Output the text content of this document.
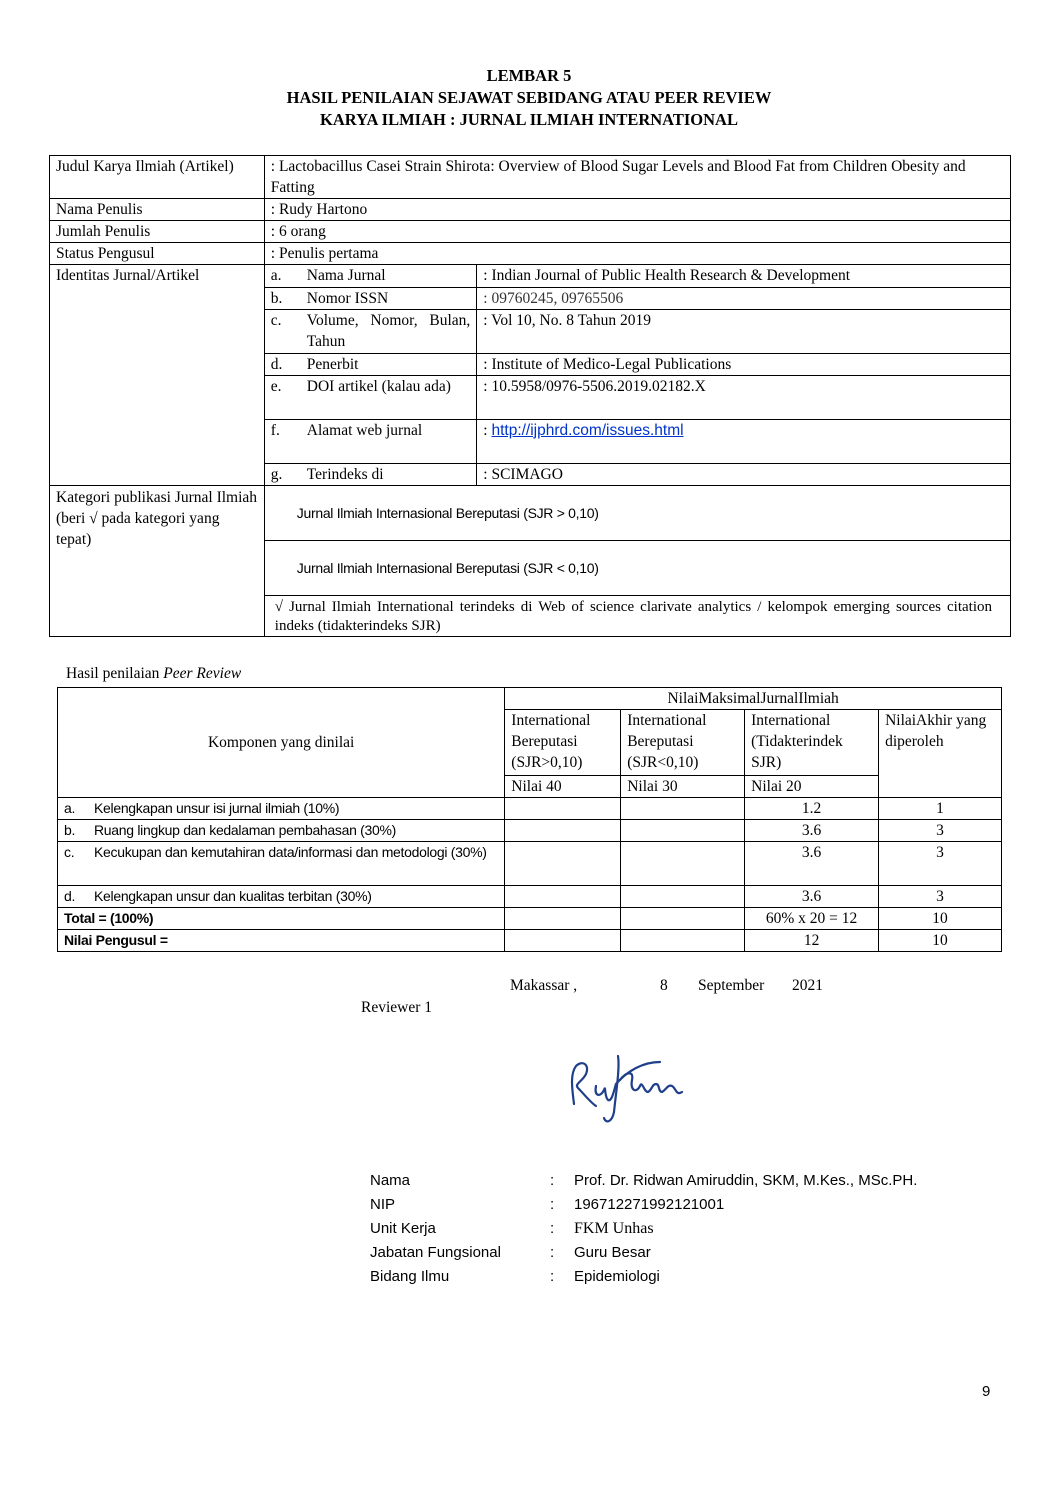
LEMBAR 5
HASIL PENILAIAN SEJAWAT SEBIDANG ATAU PEER REVIEW
KARYA ILMIAH : JURNAL ILMIAH INTERNATIONAL
Judul Karya Ilmiah (Artikel)	: Lactobacillus Casei Strain Shirota: Overview of Blood Sugar Levels and Blood Fat from Children Obesity and Fatting
Nama Penulis	: Rudy Hartono
Jumlah Penulis	: 6 orang
Status Pengusul	: Penulis pertama
Identitas Jurnal/Artikel		a.	Nama Jurnal	: Indian Journal of Public Health Research & Development
b.	Nomor ISSN	: 09760245, 09765506
c.	Volume, Nomor, Bulan, Tahun	: Vol 10, No. 8 Tahun 2019
d.	Penerbit	: Institute of Medico-Legal Publications
e.	DOI artikel (kalau ada)	: 10.5958/0976-5506.2019.02182.X
f.	Alamat web jurnal	: http://ijphrd.com/issues.html
g.	Terindeks di	: SCIMAGO

Kategori publikasi Jurnal Ilmiah
(beri √ pada kategori yang tepat)

Jurnal Ilmiah Internasional Bereputasi (SJR > 0,10)
Jurnal Ilmiah Internasional Bereputasi (SJR < 0,10)
√ Jurnal Ilmiah International terindeks di Web of science clarivate analytics / kelompok emerging sources citation indeks (tidakterindeks SJR)
Hasil penilaian Peer Review
Komponen yang dinilai	NilaiMaksimalJurnalIlmiah			
	International Bereputasi (SJR>0,10)	International Bereputasi (SJR<0,10)	International (Tidakterindek SJR)	NilaiAkhir yang diperoleh
	Nilai 40	Nilai 30	Nilai 20	
a. Kelengkapan unsur isi jurnal ilmiah (10%)			1.2	1
b. Ruang lingkup dan kedalaman pembahasan (30%)			3.6	3

c. Kecukupan dan kemutahiran data/informasi dan metodologi (30%)			3.6	3
d. Kelengkapan unsur dan kualitas terbitan (30%)			3.6	3
Total = (100%)			60% x 20 = 12	10
Nilai Pengusul =			12	10
Makassar ,	8 September 2021
Reviewer 1
Nama	:	Prof. Dr. Ridwan Amiruddin, SKM, M.Kes., MSc.PH.
NIP	:	196712271992121001
Unit Kerja	:	FKM Unhas
Jabatan Fungsional	:	Guru Besar
Bidang Ilmu	:	Epidemiologi
9
